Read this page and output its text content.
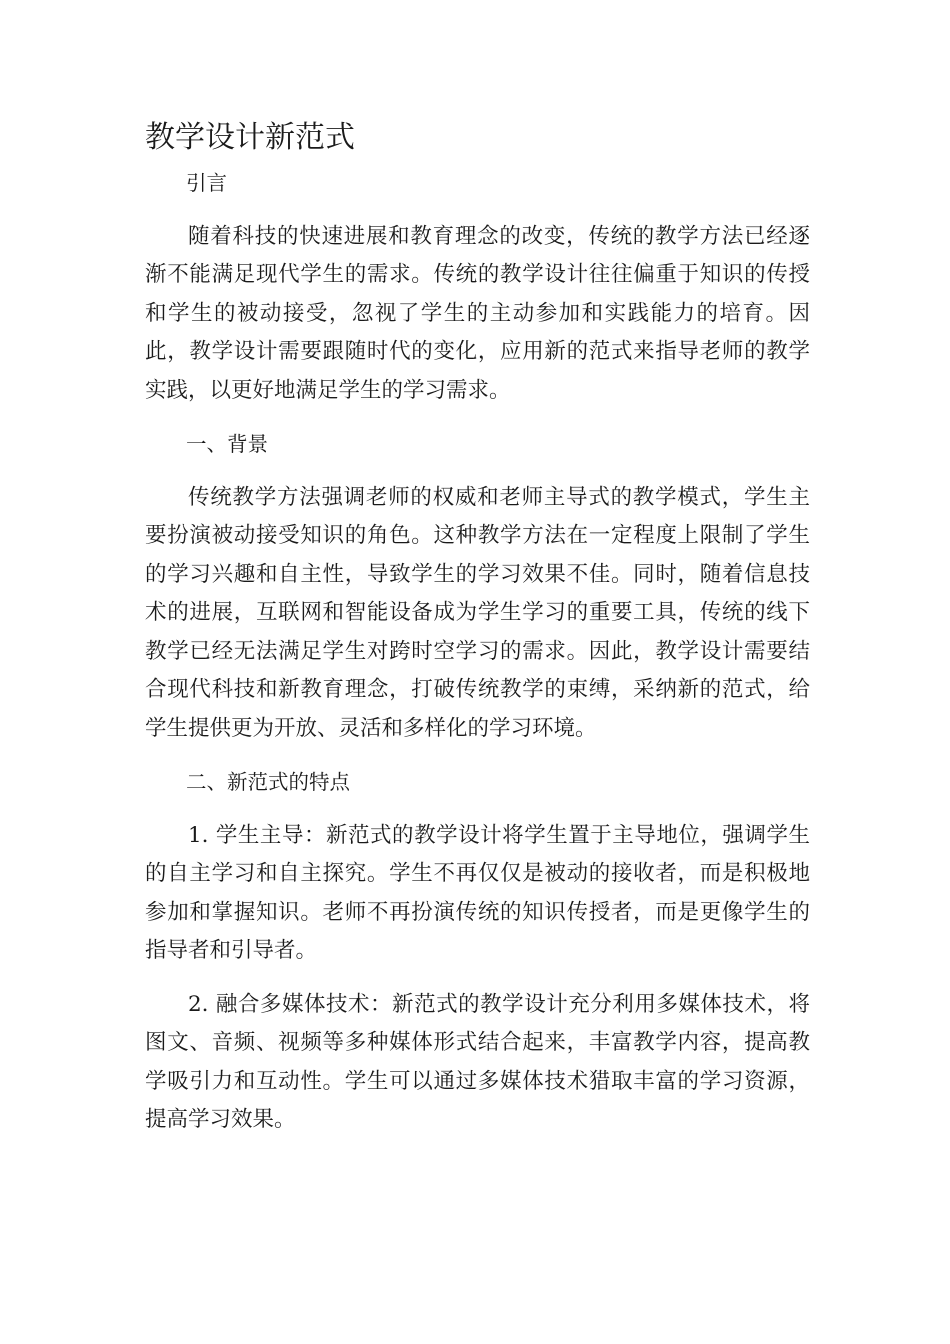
教学设计新范式

引言

随着科技的快速进展和教育理念的改变，传统的教学方法已经逐渐不能满足现代学生的需求。传统的教学设计往往偏重于知识的传授和学生的被动接受，忽视了学生的主动参加和实践能力的培育。因此，教学设计需要跟随时代的变化，应用新的范式来指导老师的教学实践，以更好地满足学生的学习需求。

一、背景

传统教学方法强调老师的权威和老师主导式的教学模式，学生主要扮演被动接受知识的角色。这种教学方法在一定程度上限制了学生的学习兴趣和自主性，导致学生的学习效果不佳。同时，随着信息技术的进展，互联网和智能设备成为学生学习的重要工具，传统的线下教学已经无法满足学生对跨时空学习的需求。因此，教学设计需要结合现代科技和新教育理念，打破传统教学的束缚，采纳新的范式，给学生提供更为开放、灵活和多样化的学习环境。

二、新范式的特点

1. 学生主导：新范式的教学设计将学生置于主导地位，强调学生的自主学习和自主探究。学生不再仅仅是被动的接收者，而是积极地参加和掌握知识。老师不再扮演传统的知识传授者，而是更像学生的指导者和引导者。

2. 融合多媒体技术：新范式的教学设计充分利用多媒体技术，将图文、音频、视频等多种媒体形式结合起来，丰富教学内容，提高教学吸引力和互动性。学生可以通过多媒体技术猎取丰富的学习资源，提高学习效果。
